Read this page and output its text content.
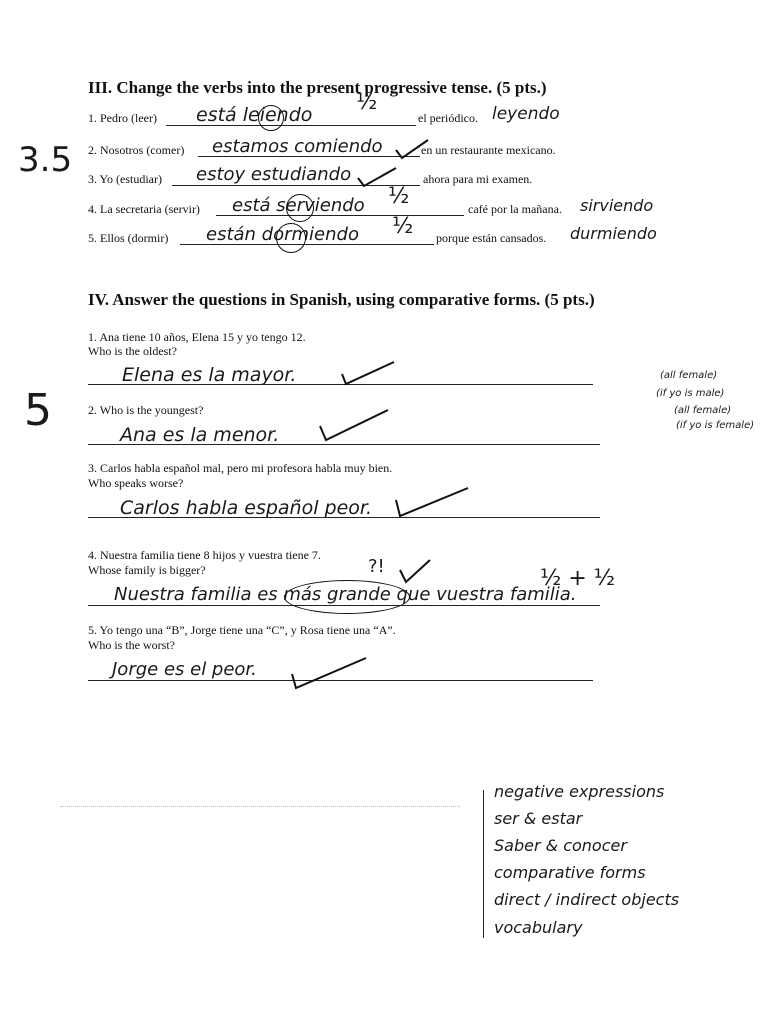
III. Change the verbs into the present progressive tense. (5 pts.)
3.5
1. Pedro (leer) está leiendo ½
el periódico. leyendo
2. Nosotros (comer) estamos comiendo	en un restaurante mexicano.
3. Yo (estudiar) estoy estudiando	ahora para mi examen.
4. La secretaria (servir) está serviendo ½	café por la mañana. sirviendo
5. Ellos (dormir) están dormiendo ½ porque están cansados. durmiendo
IV. Answer the questions in Spanish, using comparative forms. (5 pts.)
5
1. Ana tiene 10 años, Elena 15 y yo tengo 12.
Who is the oldest?
Elena es la mayor.
2. Who is the youngest?
Ana es la menor.
3. Carlos habla español mal, pero mi profesora habla muy bien.
Who speaks worse?
Carlos habla español peor.
4. Nuestra familia tiene 8 hijos y vuestra tiene 7.
Whose family is bigger?
Nuestra familia es más grande que vuestra familia.
?!	½ + ½
5. Yo tengo una “B”, Jorge tiene una “C”, y Rosa tiene una “A”.
Who is the worst?
Jorge es el peor.
(all female)
(if yo is male)
(all female)
(if yo is female)
negative expressions
ser & estar
Saber & conocer
comparative forms
direct / indirect objects
vocabulary
